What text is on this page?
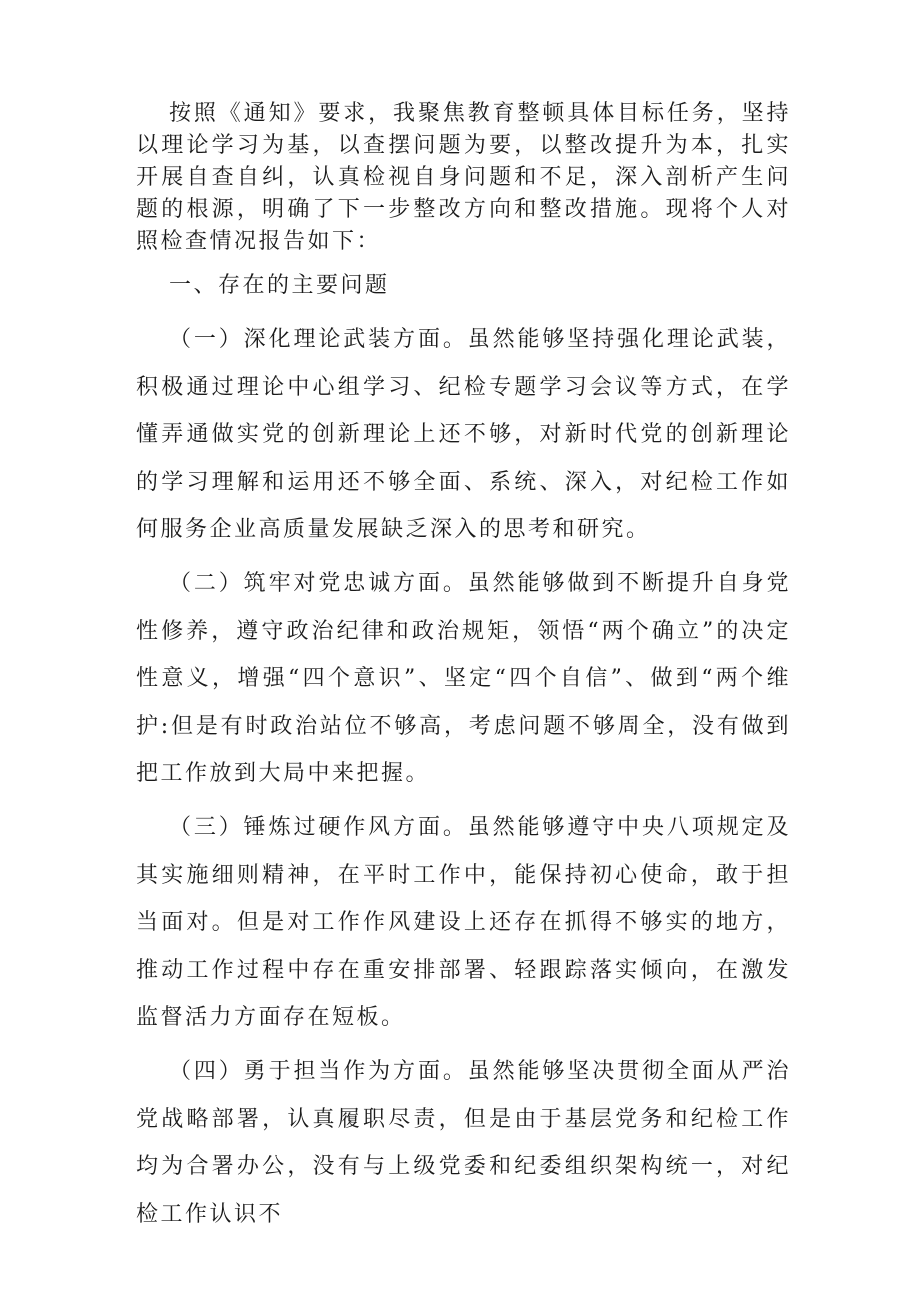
按照《通知》要求，我聚焦教育整顿具体目标任务，坚持以理论学习为基，以查摆问题为要，以整改提升为本，扎实开展自查自纠，认真检视自身问题和不足，深入剖析产生问题的根源，明确了下一步整改方向和整改措施。现将个人对照检查情况报告如下：

一、存在的主要问题

（一）深化理论武装方面。虽然能够坚持强化理论武装，积极通过理论中心组学习、纪检专题学习会议等方式，在学懂弄通做实党的创新理论上还不够，对新时代党的创新理论的学习理解和运用还不够全面、系统、深入，对纪检工作如何服务企业高质量发展缺乏深入的思考和研究。

（二）筑牢对党忠诚方面。虽然能够做到不断提升自身党性修养，遵守政治纪律和政治规矩，领悟“两个确立”的决定性意义，增强“四个意识”、坚定“四个自信”、做到“两个维护:但是有时政治站位不够高，考虑问题不够周全，没有做到把工作放到大局中来把握。

（三）锤炼过硬作风方面。虽然能够遵守中央八项规定及其实施细则精神，在平时工作中，能保持初心使命，敢于担当面对。但是对工作作风建设上还存在抓得不够实的地方，推动工作过程中存在重安排部署、轻跟踪落实倾向，在激发监督活力方面存在短板。

（四）勇于担当作为方面。虽然能够坚决贯彻全面从严治党战略部署，认真履职尽责，但是由于基层党务和纪检工作均为合署办公，没有与上级党委和纪委组织架构统一，对纪检工作认识不
